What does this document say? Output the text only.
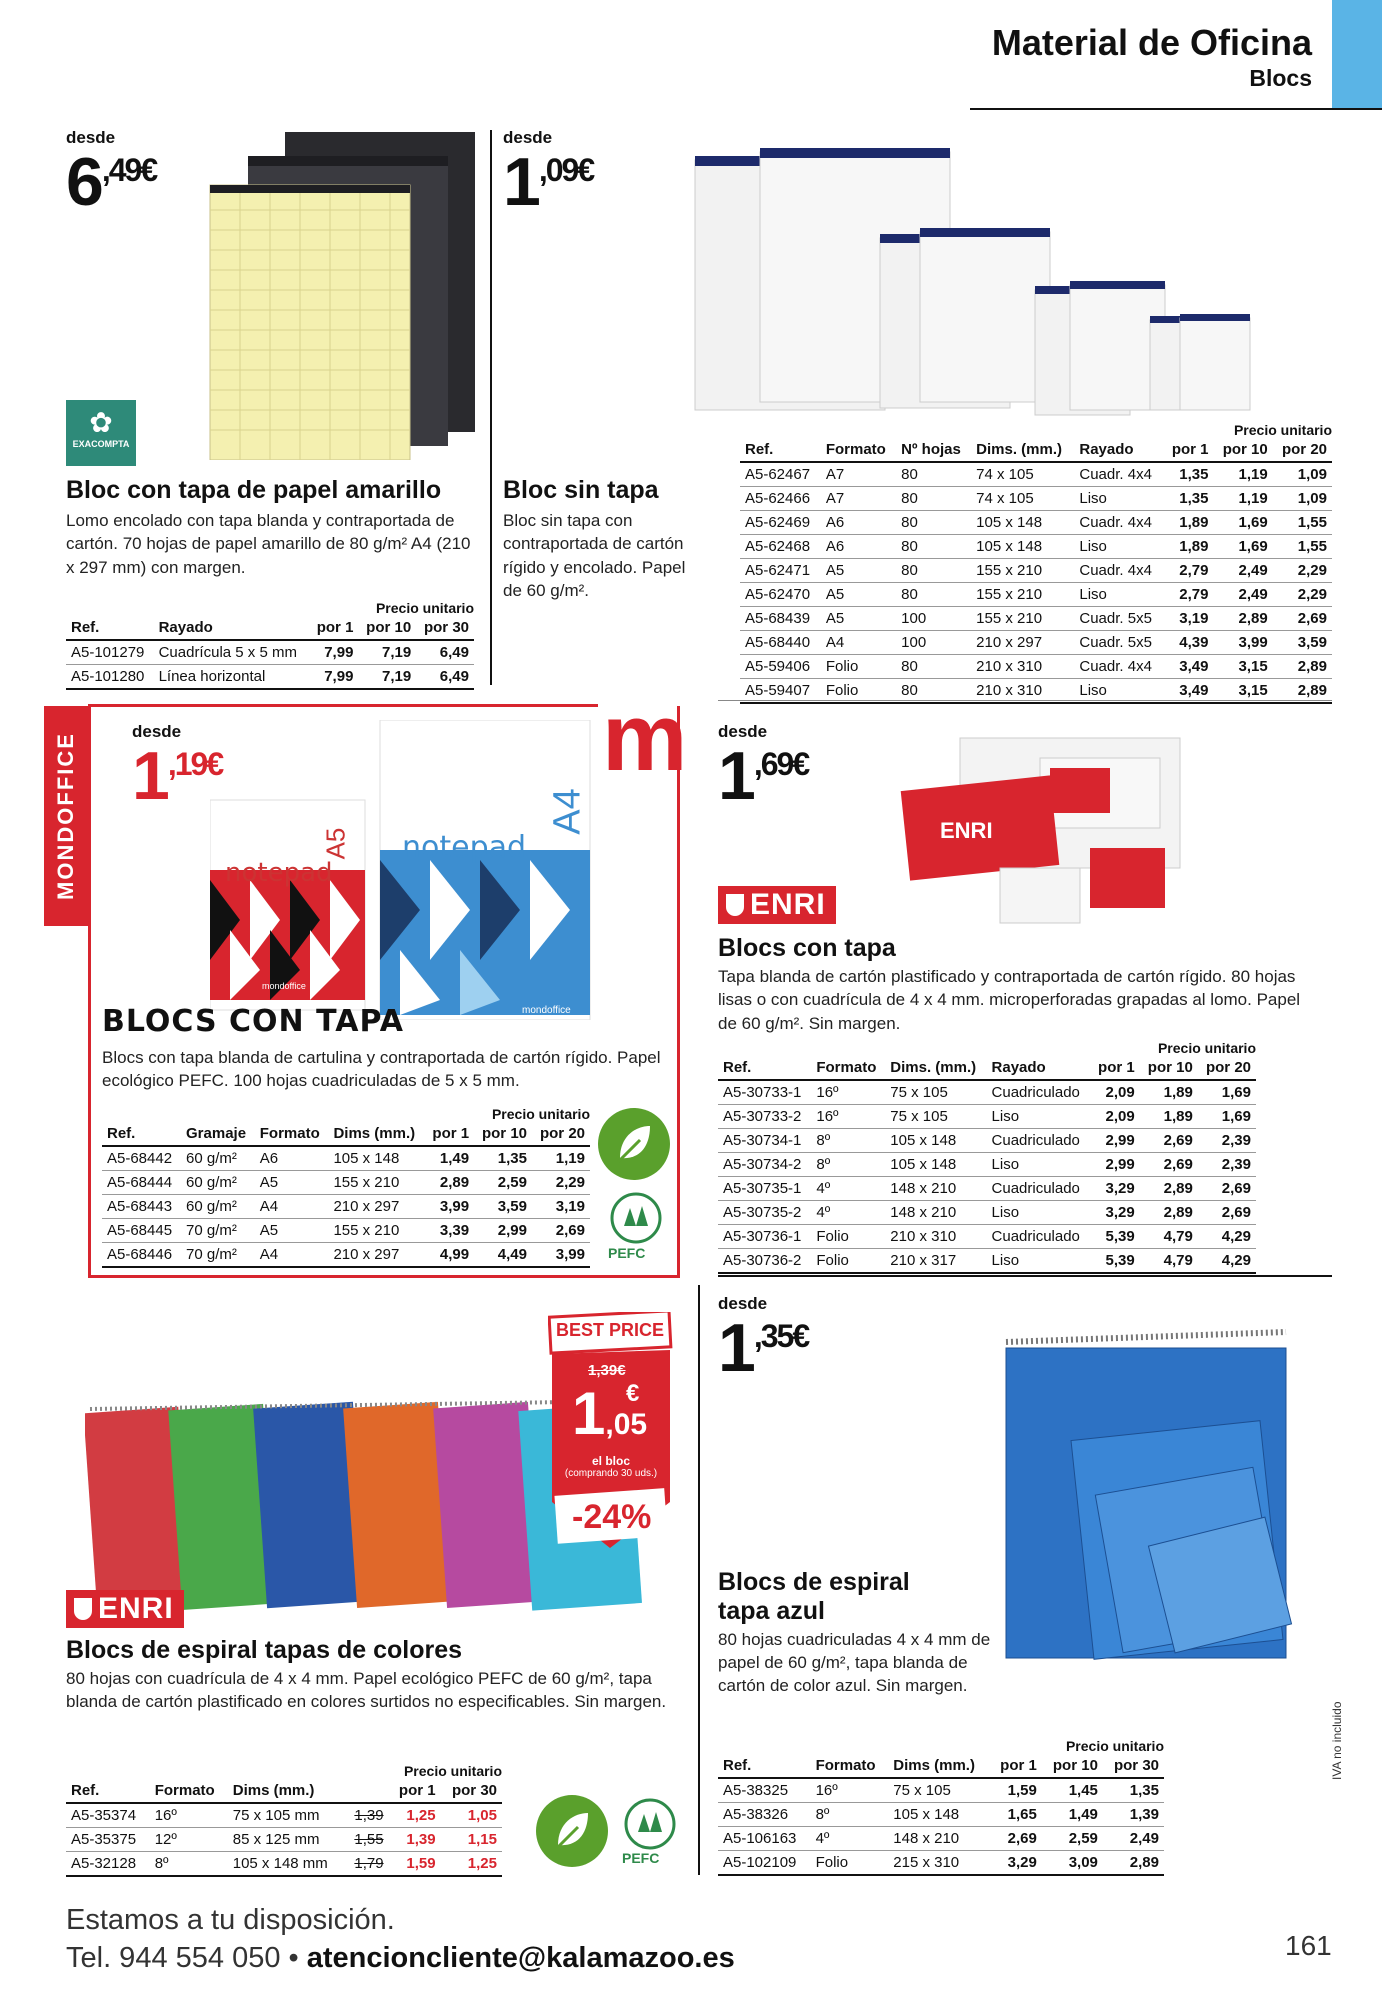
Material de Oficina
Blocs
desde
6,49€
✿
EXACOMPTA
Bloc con tapa de papel amarillo
Lomo encolado con tapa blanda y contraportada de cartón. 70 hojas de papel amarillo de 80 g/m² A4 (210 x 297 mm) con margen.
Precio unitario
Ref.	Rayado	por 1	por 10	por 30
A5-101279	Cuadrícula 5 x 5 mm	7,99	7,19	6,49
A5-101280	Línea horizontal	7,99	7,19	6,49
desde
1,09€
Bloc sin tapa
Bloc sin tapa con contraportada de cartón rígido y encolado. Papel de 60 g/m².
Precio unitario
Ref.	Formato	Nº hojas	Dims. (mm.)	Rayado	por 1	por 10	por 20
A5-62467	A7	80	74 x 105	Cuadr. 4x4	1,35	1,19	1,09
A5-62466	A7	80	74 x 105	Liso	1,35	1,19	1,09
A5-62469	A6	80	105 x 148	Cuadr. 4x4	1,89	1,69	1,55
A5-62468	A6	80	105 x 148	Liso	1,89	1,69	1,55
A5-62471	A5	80	155 x 210	Cuadr. 4x4	2,79	2,49	2,29
A5-62470	A5	80	155 x 210	Liso	2,79	2,49	2,29
A5-68439	A5	100	155 x 210	Cuadr. 5x5	3,19	2,89	2,69
A5-68440	A4	100	210 x 297	Cuadr. 5x5	4,39	3,99	3,59
A5-59406	Folio	80	210 x 310	Cuadr. 4x4	3,49	3,15	2,89
A5-59407	Folio	80	210 x 310	Liso	3,49	3,15	2,89
MONDOFFICE	m
desde
1,19€
notepad
A5 notepad
A4
mondoffice
mondoffice
BLOCS CON TAPA
Blocs con tapa blanda de cartulina y contraportada de cartón rígido. Papel ecológico PEFC. 100 hojas cuadriculadas de 5 x 5 mm.
Precio unitario
Ref.	Gramaje	Formato	Dims (mm.)	por 1	por 10	por 20
A5-68442	60 g/m²	A6	105 x 148	1,49	1,35	1,19
A5-68444	60 g/m²	A5	155 x 210	2,89	2,59	2,29
A5-68443	60 g/m²	A4	210 x 297	3,99	3,59	3,19
A5-68445	70 g/m²	A5	155 x 210	3,39	2,99	2,69
A5-68446	70 g/m²	A4	210 x 297	4,99	4,49	3,99 PEFC
desde
1,69€
ENRI
ENRI
Blocs con tapa
Tapa blanda de cartón plastificado y contraportada de cartón rígido. 80 hojas lisas o con cuadrícula de 4 x 4 mm. microperforadas grapadas al lomo. Papel de 60 g/m². Sin margen.
Precio unitario
Ref.	Formato	Dims. (mm.)	Rayado	por 1	por 10	por 20
A5-30733-1	16º	75 x 105	Cuadriculado	2,09	1,89	1,69
A5-30733-2	16º	75 x 105	Liso	2,09	1,89	1,69
A5-30734-1	8º	105 x 148	Cuadriculado	2,99	2,69	2,39
A5-30734-2	8º	105 x 148	Liso	2,99	2,69	2,39
A5-30735-1	4º	148 x 210	Cuadriculado	3,29	2,89	2,69
A5-30735-2	4º	148 x 210	Liso	3,29	2,89	2,69
A5-30736-1	Folio	210 x 310	Cuadriculado	5,39	4,79	4,29
A5-30736-2	Folio	210 x 317	Liso	5,39	4,79	4,29
BEST PRICE
1,39€
1,05
€
el bloc
(comprando 30 uds.)
-24%
ENRI
Blocs de espiral tapas de colores
80 hojas con cuadrícula de 4 x 4 mm. Papel ecológico PEFC de 60 g/m², tapa blanda de cartón plastificado en colores surtidos no especificables. Sin margen.
Precio unitario
Ref.	Formato	Dims (mm.)		por 1	por 30
A5-35374	16º	75 x 105 mm	1,39	1,25	1,05
A5-35375	12º	85 x 125 mm	1,55	1,39	1,15
A5-32128	8º	105 x 148 mm	1,79	1,59	1,25	PEFC
desde
1,35€
Blocs de espiral
tapa azul
80 hojas cuadriculadas 4 x 4 mm de papel de 60 g/m², tapa blanda de cartón de color azul. Sin margen.
Precio unitario
Ref.	Formato	Dims (mm.)	por 1	por 10	por 30
A5-38325	16º	75 x 105	1,59	1,45	1,35
A5-38326	8º	105 x 148	1,65	1,49	1,39
A5-106163	4º	148 x 210	2,69	2,59	2,49
A5-102109	Folio	215 x 310	3,29	3,09	2,89
IVA no incluido
Estamos a tu disposición.
Tel. 944 554 050 • atencioncliente@kalamazoo.es	161
